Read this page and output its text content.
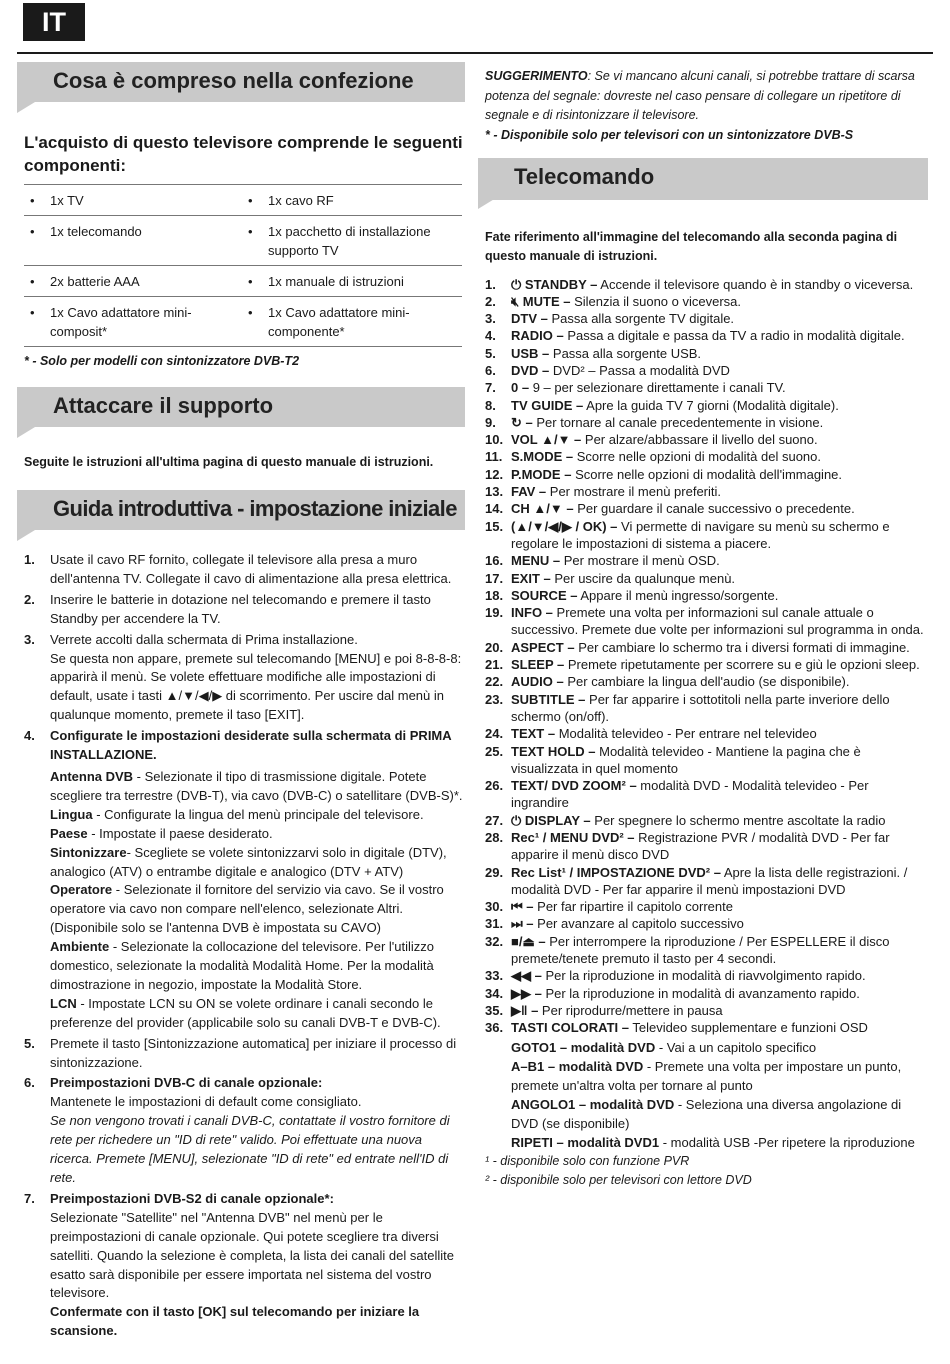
IT
Cosa è compreso nella confezione
L'acquisto di questo televisore comprende le seguenti componenti:
•	1x TV	•	1x cavo RF
•	1x telecomando	•	1x pacchetto di installazione supporto TV
•	2x batterie AAA	•	1x manuale di istruzioni
•	1x Cavo adattatore mini-composit*	•	1x Cavo adattatore mini-componente*
* - Solo per modelli con sintonizzatore DVB-T2
Attaccare il supporto
Seguite le istruzioni all'ultima pagina di questo manuale di istruzioni.
Guida introduttiva - impostazione iniziale
1. Usate il cavo RF fornito, collegate il televisore alla presa a muro dell'antenna TV. Collegate il cavo di alimentazione alla presa elettrica.
2. Inserire le batterie in dotazione nel telecomando e premere il tasto Standby per accendere la TV.
3. Verrete accolti dalla schermata di Prima installazione.
Se questa non appare, premete sul telecomando [MENU] e poi 8-8-8-8: apparirà il menù. Se volete effettuare modifiche alle impostazioni di default, usate i tasti ▲/▼/◀/▶ di scorrimento. Per uscire dal menù in qualunque momento, premete il taso [EXIT].
4. Configurate le impostazioni desiderate sulla schermata di PRIMA INSTALLAZIONE.
Antenna DVB - Selezionate il tipo di trasmissione digitale. Potete scegliere tra terrestre (DVB-T), via cavo (DVB-C) o satellitare (DVB-S)*.
Lingua - Configurate la lingua del menù principale del televisore.
Paese - Impostate il paese desiderato.
Sintonizzare- Scegliete se volete sintonizzarvi solo in digitale (DTV), analogico (ATV) o entrambe digitale e analogico (DTV + ATV)
Operatore - Selezionate il fornitore del servizio via cavo. Se il vostro operatore via cavo non compare nell'elenco, selezionate Altri. (Disponibile solo se l'antenna DVB è impostata su CAVO)
Ambiente - Selezionate la collocazione del televisore. Per l'utilizzo domestico, selezionate la modalità Modalità Home. Per la modalità dimostrazione in negozio, impostate la Modalità Store.
LCN - Impostate LCN su ON se volete ordinare i canali secondo le preferenze del provider (applicabile solo su canali DVB-T e DVB-C).
5. Premete il tasto [Sintonizzazione automatica] per iniziare il processo di sintonizzazione.
6. Preimpostazioni DVB-C di canale opzionale:
Mantenete le impostazioni di default come consigliato.
Se non vengono trovati i canali DVB-C, contattate il vostro fornitore di rete per richedere un "ID di rete" valido. Poi effettuate una nuova ricerca. Premete [MENU], selezionate "ID di rete" ed entrate nell'ID di rete.
7. Preimpostazioni DVB-S2 di canale opzionale*:
Selezionate "Satellite" nel "Antenna DVB" nel menù per le preimpostazioni di canale opzionale. Qui potete scegliere tra diversi satelliti. Quando la selezione è completa, la lista dei canali del satellite esatto sarà disponibile per essere importata nel sistema del vostro televisore.
Confermate con il tasto [OK] sul telecomando per iniziare la scansione.
SUGGERIMENTO: Se vi mancano alcuni canali, si potrebbe trattare di scarsa potenza del segnale: dovreste nel caso pensare di collegare un ripetitore di segnale e di risintonizzare il televisore.
* - Disponibile solo per televisori con un sintonizzatore DVB-S
Telecomando
Fate riferimento all'immagine del telecomando alla seconda pagina di questo manuale di istruzioni.
1. ⏻ STANDBY – Accende il televisore quando è in standby o viceversa.
2. 🔇︎ MUTE – Silenzia il suono o viceversa.
3. DTV – Passa alla sorgente TV digitale.
4. RADIO – Passa a digitale e passa da TV a radio in modalità digitale.
5. USB – Passa alla sorgente USB.
6. DVD – DVD² – Passa a modalità DVD
7. 0 – 9 – per selezionare direttamente i canali TV.
8. TV GUIDE – Apre la guida TV 7 giorni (Modalità digitale).
9. ↻ – Per tornare al canale precedentemente in visione.
10. VOL ▲/▼ – Per alzare/abbassare il livello del suono.
11. S.MODE – Scorre nelle opzioni di modalità del suono.
12. P.MODE – Scorre nelle opzioni di modalità dell'immagine.
13. FAV – Per mostrare il menù preferiti.
14. CH ▲/▼ – Per guardare il canale successivo o precedente.
15. (▲/▼/◀/▶ / OK) – Vi permette di navigare su menù su schermo e regolare le impostazioni di sistema a piacere.
16. MENU – Per mostrare il menù OSD.
17. EXIT – Per uscire da qualunque menù.
18. SOURCE – Appare il menù ingresso/sorgente.
19. INFO – Premete una volta per informazioni sul canale attuale o successivo. Premete due volte per informazioni sul programma in onda.
20. ASPECT – Per cambiare lo schermo tra i diversi formati di immagine.
21. SLEEP – Premete ripetutamente per scorrere su e giù le opzioni sleep.
22. AUDIO – Per cambiare la lingua dell'audio (se disponibile).
23. SUBTITLE – Per far apparire i sottotitoli nella parte inveriore dello schermo (on/off).
24. TEXT – Modalità televideo - Per entrare nel televideo
25. TEXT HOLD – Modalità televideo - Mantiene la pagina che è visualizzata in quel momento
26. TEXT/ DVD ZOOM² – modalità DVD - Modalità televideo - Per ingrandire
27. ⏻ DISPLAY – Per spegnere lo schermo mentre ascoltate la radio
28. Rec¹ / MENU DVD² – Registrazione PVR / modalità DVD - Per far apparire il menù disco DVD
29. Rec List¹ / IMPOSTAZIONE DVD² – Apre la lista delle registrazioni. / modalità DVD - Per far apparire il menù impostazioni DVD
30. ⏮ – Per far ripartire il capitolo corrente
31. ⏭ – Per avanzare al capitolo successivo
32. ■/⏏ – Per interrompere la riproduzione / Per ESPELLERE il disco premete/tenete premuto il tasto per 4 secondi.
33. ◀◀ – Per la riproduzione in modalità di riavvolgimento rapido.
34. ▶▶ – Per la riproduzione in modalità di avanzamento rapido.
35. ▶‖ – Per riprodurre/mettere in pausa
36. TASTI COLORATI – Televideo supplementare e funzioni OSD
GOTO1 – modalità DVD - Vai a un capitolo specifico
A–B1 – modalità DVD - Premete una volta per impostare un punto, premete un'altra volta per tornare al punto
ANGOLO1 – modalità DVD - Seleziona una diversa angolazione di DVD (se disponibile)
RIPETI – modalità DVD1 - modalità USB -Per ripetere la riproduzione
¹ - disponibile solo con funzione PVR
² - disponibile solo per televisori con lettore DVD
